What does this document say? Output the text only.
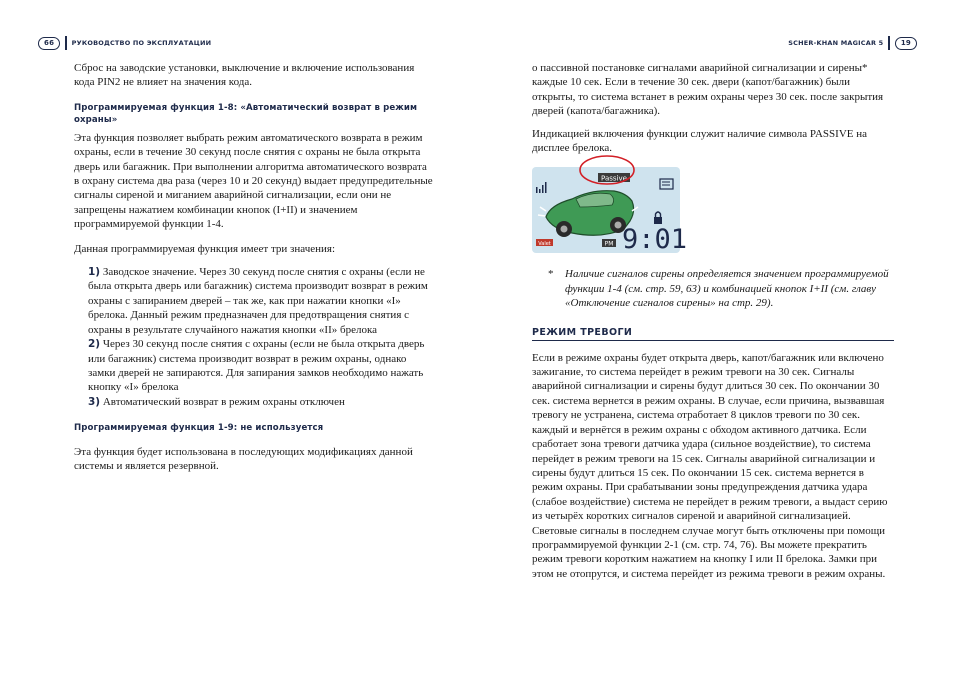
66	РУКОВОДСТВО ПО ЭКСПЛУАТАЦИИ	SCHER-KHAN MAGICAR 5	19

Сброс на заводские установки, выключение и включение использования кода PIN2 не влияет на значения кода.

Программируемая функция 1-8: «Автоматический возврат в режим охраны»

Эта функция позволяет выбрать режим автоматического возврата в режим охраны, если в течение 30 секунд после снятия с охраны не была открыта дверь или багажник. При выполнении алгоритма автоматического возврата в охрану система два раза (через 10 и 20 секунд) выдает предупредительные сигналы сиреной и миганием аварийной сигнализации, если они не запрещены нажатием комбинации кнопок (I+II) и значением программируемой функции 1-4.

Данная программируемая функция имеет три значения:

1) Заводское значение. Через 30 секунд после снятия с охраны (если не была открыта дверь или багажник) система производит возврат в режим охраны с запиранием дверей – так же, как при нажатии кнопки «I» брелока. Данный режим предназначен для предотвращения снятия с охраны в результате случайного нажатия кнопки «II» брелока

2) Через 30 секунд после снятия с охраны (если не была открыта дверь или багажник) система производит возврат в режим охраны, однако замки дверей не запираются. Для запирания замков необходимо нажать кнопку «I» брелока

3) Автоматический возврат в режим охраны отключен

Программируемая функция 1-9: не используется

Эта функция будет использована в последующих модификациях данной системы и является резервной.

о пассивной постановке сигналами аварийной сигнализации и сирены* каждые 10 сек. Если в течение 30 сек. двери (капот/багажник) были открыты, то система встанет в режим охраны через 30 сек. после закрытия дверей (капота/багажника).

Индикацией включения функции служит наличие символа PASSIVE на дисплее брелока.

Passive
Valet	PM 9:01

* Наличие сигналов сирены определяется значением программируемой функции 1-4 (см. стр. 59, 63) и комбинацией кнопок I+II (см. главу «Отключение сигналов сирены» на стр. 29).

РЕЖИМ ТРЕВОГИ

Если в режиме охраны будет открыта дверь, капот/багажник или включено зажигание, то система перейдет в режим тревоги на 30 сек. Сигналы аварийной сигнализации и сирены будут длиться 30 сек. По окончании 30 сек. система вернется в режим охраны. В случае, если причина, вызвавшая тревогу не устранена, система отработает 8 циклов тревоги по 30 сек. каждый и вернётся в режим охраны с обходом активного датчика. Если сработает зона тревоги датчика удара (сильное воздействие), то система перейдет в режим тревоги на 15 сек. Сигналы аварийной сигнализации и сирены будут длиться 15 сек. По окончании 15 сек. система вернется в режим охраны. При срабатывании зоны предупреждения датчика удара (слабое воздействие) система не перейдет в режим тревоги, а выдаст серию из четырёх коротких сигналов сиреной и аварийной сигнализацией. Световые сигналы в последнем случае могут быть отключены при помощи программируемой функции 2-1 (см. стр. 74, 76). Вы можете прекратить режим тревоги коротким нажатием на кнопку I или II брелока. Замки при этом не отопрутся, и система перейдет из режима тревоги в режим охраны.
